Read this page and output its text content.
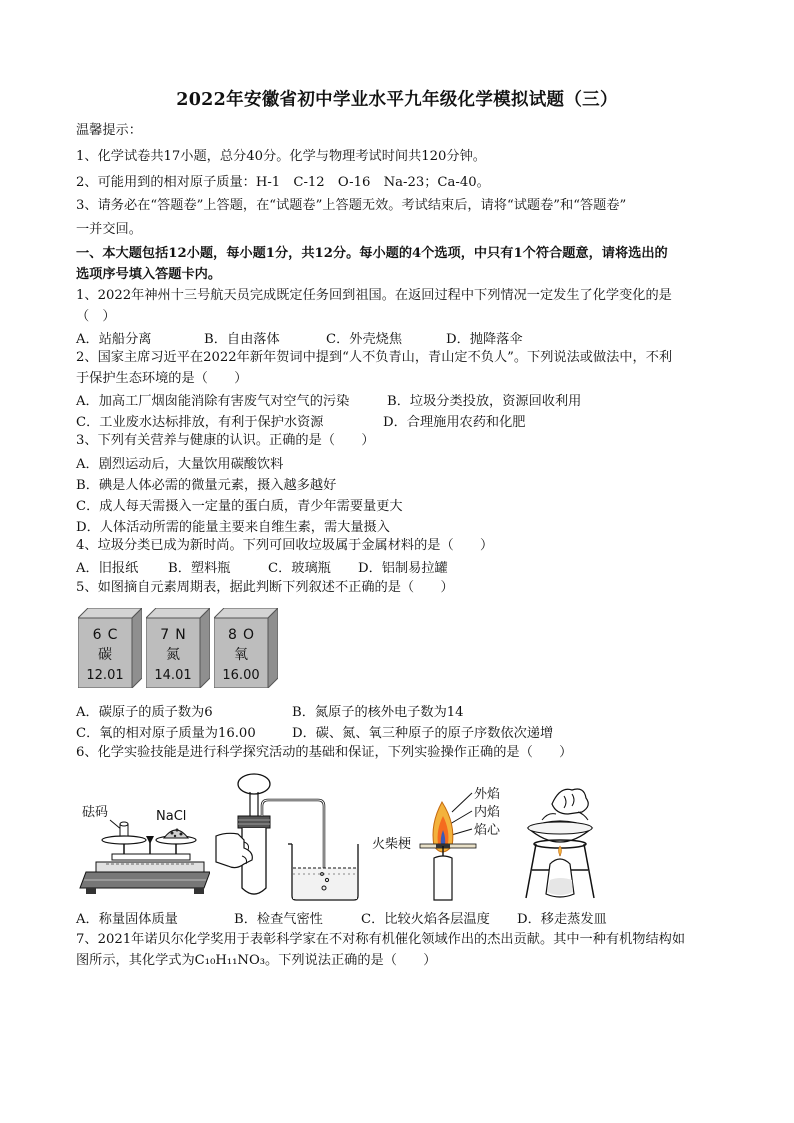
2022年安徽省初中学业水平九年级化学模拟试题（三）
温馨提示：
1、化学试卷共17小题，总分40分。化学与物理考试时间共120分钟。
2、可能用到的相对原子质量：H-1　C-12　O-16　Na-23；Ca-40。
3、请务必在“答题卷”上答题，在“试题卷”上答题无效。考试结束后，请将“试题卷”和“答题卷”
一并交回。
一、本大题包括12小题，每小题1分，共12分。每小题的4个选项，中只有1个符合题意，请将选出的
选项序号填入答题卡内。
1、2022年神州十三号航天员完成既定任务回到祖国。在返回过程中下列情况一定发生了化学变化的是
（　）
A．站船分离	B．自由落体	C．外壳烧焦	D．抛降落伞
2、国家主席习近平在2022年新年贺词中提到“人不负青山，青山定不负人”。下列说法或做法中，不利
于保护生态环境的是（　　）
A．加高工厂烟囱能消除有害废气对空气的污染	B．垃圾分类投放，资源回收利用
C．工业废水达标排放，有利于保护水资源	D．合理施用农药和化肥
3、下列有关营养与健康的认识。正确的是（　　）
A．剧烈运动后，大量饮用碳酸饮料
B．碘是人体必需的微量元素，摄入越多越好
C．成人每天需摄入一定量的蛋白质，青少年需要量更大
D．人体活动所需的能量主要来自维生素，需大量摄入
4、垃圾分类已成为新时尚。下列可回收垃圾属于金属材料的是（　　）
A．旧报纸 B．塑料瓶	C．玻璃瓶 D．铝制易拉罐
5、如图摘自元素周期表，据此判断下列叙述不正确的是（　　）
6 C
碳
12.01
7 N
氮
14.01
8 O
氧
16.00
A．碳原子的质子数为6	B．氮原子的核外电子数为14
C．氧的相对原子质量为16.00	D．碳、氮、氧三种原子的原子序数依次递增
6、化学实验技能是进行科学探究活动的基础和保证，下列实验操作正确的是（　　）
砝码	NaCl
外焰
内焰
焰心
火柴梗
A．称量固体质量	B．检查气密性	C．比较火焰各层温度 D．移走蒸发皿
7、2021年诺贝尔化学奖用于表彰科学家在不对称有机催化领域作出的杰出贡献。其中一种有机物结构如
图所示，其化学式为C₁₀H₁₁NO₃。下列说法正确的是（　　）
